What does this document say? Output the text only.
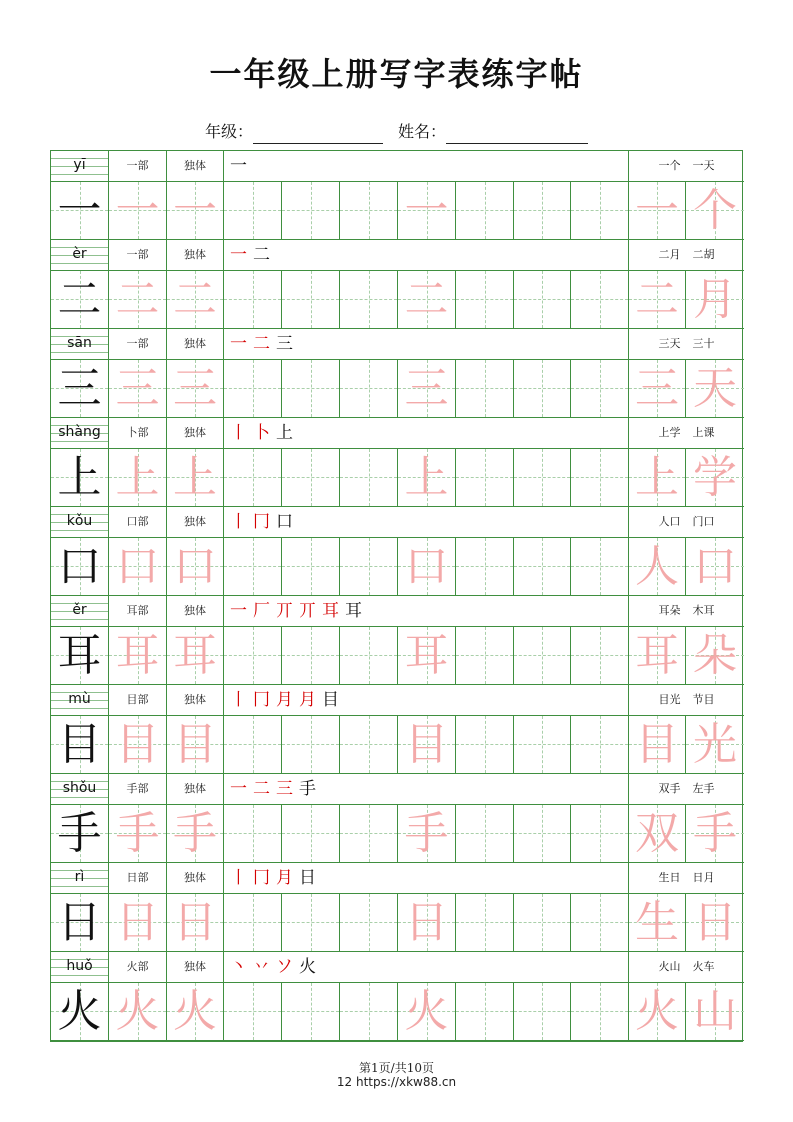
一年级上册写字表练字帖
年级：	姓名：
yī	一部	独体	一	一个 一天
一 一 一	一	一 个
èr	一部	独体	一 二	二月 二胡
二 二 二	二	二 月
sān	一部	独体	一 二 三	三天 三十
三 三 三	三	三 天
shàng	卜部	独体	丨 卜 上	上学 上课
上 上 上	上	上 学
kǒu	口部	独体	丨 冂 口	人口 门口
口 口 口	口	人 口
ěr	耳部	独体	一 厂 丌 丌 耳 耳	耳朵 木耳
耳 耳 耳	耳	耳 朵
mù	目部	独体	丨 冂 月 月 目	目光 节目
目 目 目	目	目 光
shǒu	手部	独体	一 二 三 手	双手 左手
手 手 手	手	双 手
rì	日部	独体	丨 冂 月 日	生日 日月
日 日 日	日	生 日
huǒ	火部	独体	丶 丷 ソ 火	火山 火车
火 火 火	火	火 山
第1页/共10页
12 https://xkw88.cn
